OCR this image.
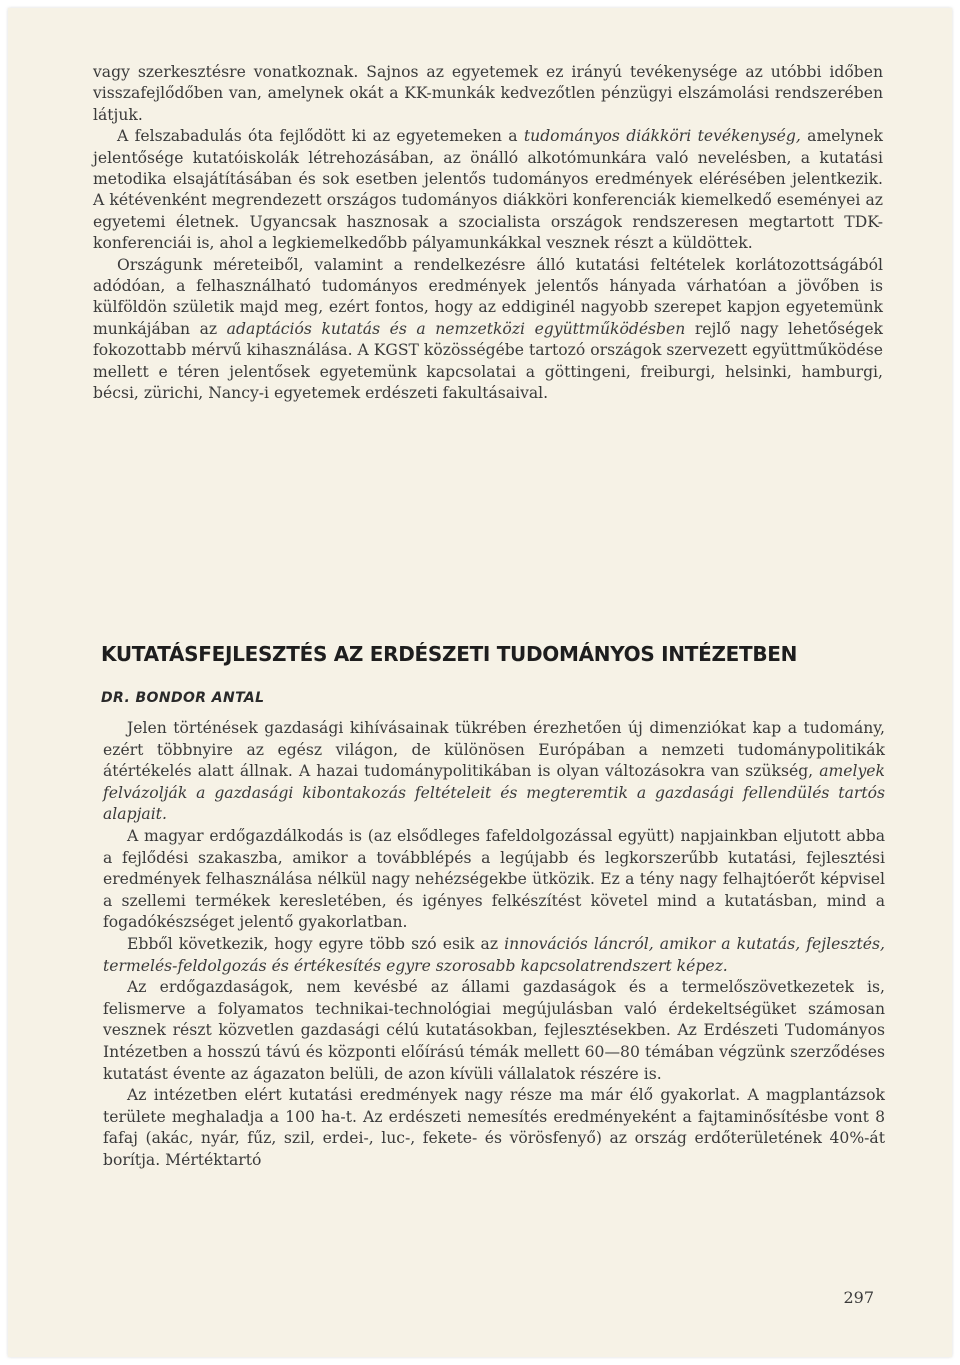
vagy szerkesztésre vonatkoznak. Sajnos az egyetemek ez irányú tevékenysége az utóbbi időben visszafejlődőben van, amelynek okát a KK-munkák kedvezőtlen pénzügyi elszámolási rendszerében látjuk.

A felszabadulás óta fejlődött ki az egyetemeken a tudományos diákköri tevékenység, amelynek jelentősége kutatóiskolák létrehozásában, az önálló alkotómunkára való nevelésben, a kutatási metodika elsajátításában és sok esetben jelentős tudományos eredmények elérésében jelentkezik. A kétévenként megrendezett országos tudományos diákköri konferenciák kiemelkedő eseményei az egyetemi életnek. Ugyancsak hasznosak a szocialista országok rendszeresen megtartott TDK-konferenciái is, ahol a legkiemelkedőbb pályamunkákkal vesznek részt a küldöttek.

Országunk méreteiből, valamint a rendelkezésre álló kutatási feltételek korlátozottságából adódóan, a felhasználható tudományos eredmények jelentős hányada várhatóan a jövőben is külföldön születik majd meg, ezért fontos, hogy az eddiginél nagyobb szerepet kapjon egyetemünk munkájában az adaptációs kutatás és a nemzetközi együttműködésben rejlő nagy lehetőségek fokozottabb mérvű kihasználása. A KGST közösségébe tartozó országok szervezett együttműködése mellett e téren jelentősek egyetemünk kapcsolatai a göttingeni, freiburgi, helsinki, hamburgi, bécsi, zürichi, Nancy-i egyetemek erdészeti fakultásaival.

KUTATÁSFEJLESZTÉS AZ ERDÉSZETI TUDOMÁNYOS INTÉZETBEN
DR. BONDOR ANTAL

Jelen történések gazdasági kihívásainak tükrében érezhetően új dimenziókat kap a tudomány, ezért többnyire az egész világon, de különösen Európában a nemzeti tudománypolitikák átértékelés alatt állnak. A hazai tudománypolitikában is olyan változásokra van szükség, amelyek felvázolják a gazdasági kibontakozás feltételeit és megteremtik a gazdasági fellendülés tartós alapjait.

A magyar erdőgazdálkodás is (az elsődleges fafeldolgozással együtt) napjainkban eljutott abba a fejlődési szakaszba, amikor a továbblépés a legújabb és legkorszerűbb kutatási, fejlesztési eredmények felhasználása nélkül nagy nehézségekbe ütközik. Ez a tény nagy felhajtóerőt képvisel a szellemi termékek keresletében, és igényes felkészítést követel mind a kutatásban, mind a fogadókészséget jelentő gyakorlatban.

Ebből következik, hogy egyre több szó esik az innovációs láncról, amikor a kutatás, fejlesztés, termelés-feldolgozás és értékesítés egyre szorosabb kapcsolatrendszert képez.

Az erdőgazdaságok, nem kevésbé az állami gazdaságok és a termelőszövetkezetek is, felismerve a folyamatos technikai-technológiai megújulásban való érdekeltségüket számosan vesznek részt közvetlen gazdasági célú kutatásokban, fejlesztésekben. Az Erdészeti Tudományos Intézetben a hosszú távú és központi előírású témák mellett 60—80 témában végzünk szerződéses kutatást évente az ágazaton belüli, de azon kívüli vállalatok részére is.

Az intézetben elért kutatási eredmények nagy része ma már élő gyakorlat. A magplantázsok területe meghaladja a 100 ha-t. Az erdészeti nemesítés eredményeként a fajtaminősítésbe vont 8 fafaj (akác, nyár, fűz, szil, erdei-, luc-, fekete- és vörösfenyő) az ország erdőterületének 40%-át borítja. Mértéktartó

297
